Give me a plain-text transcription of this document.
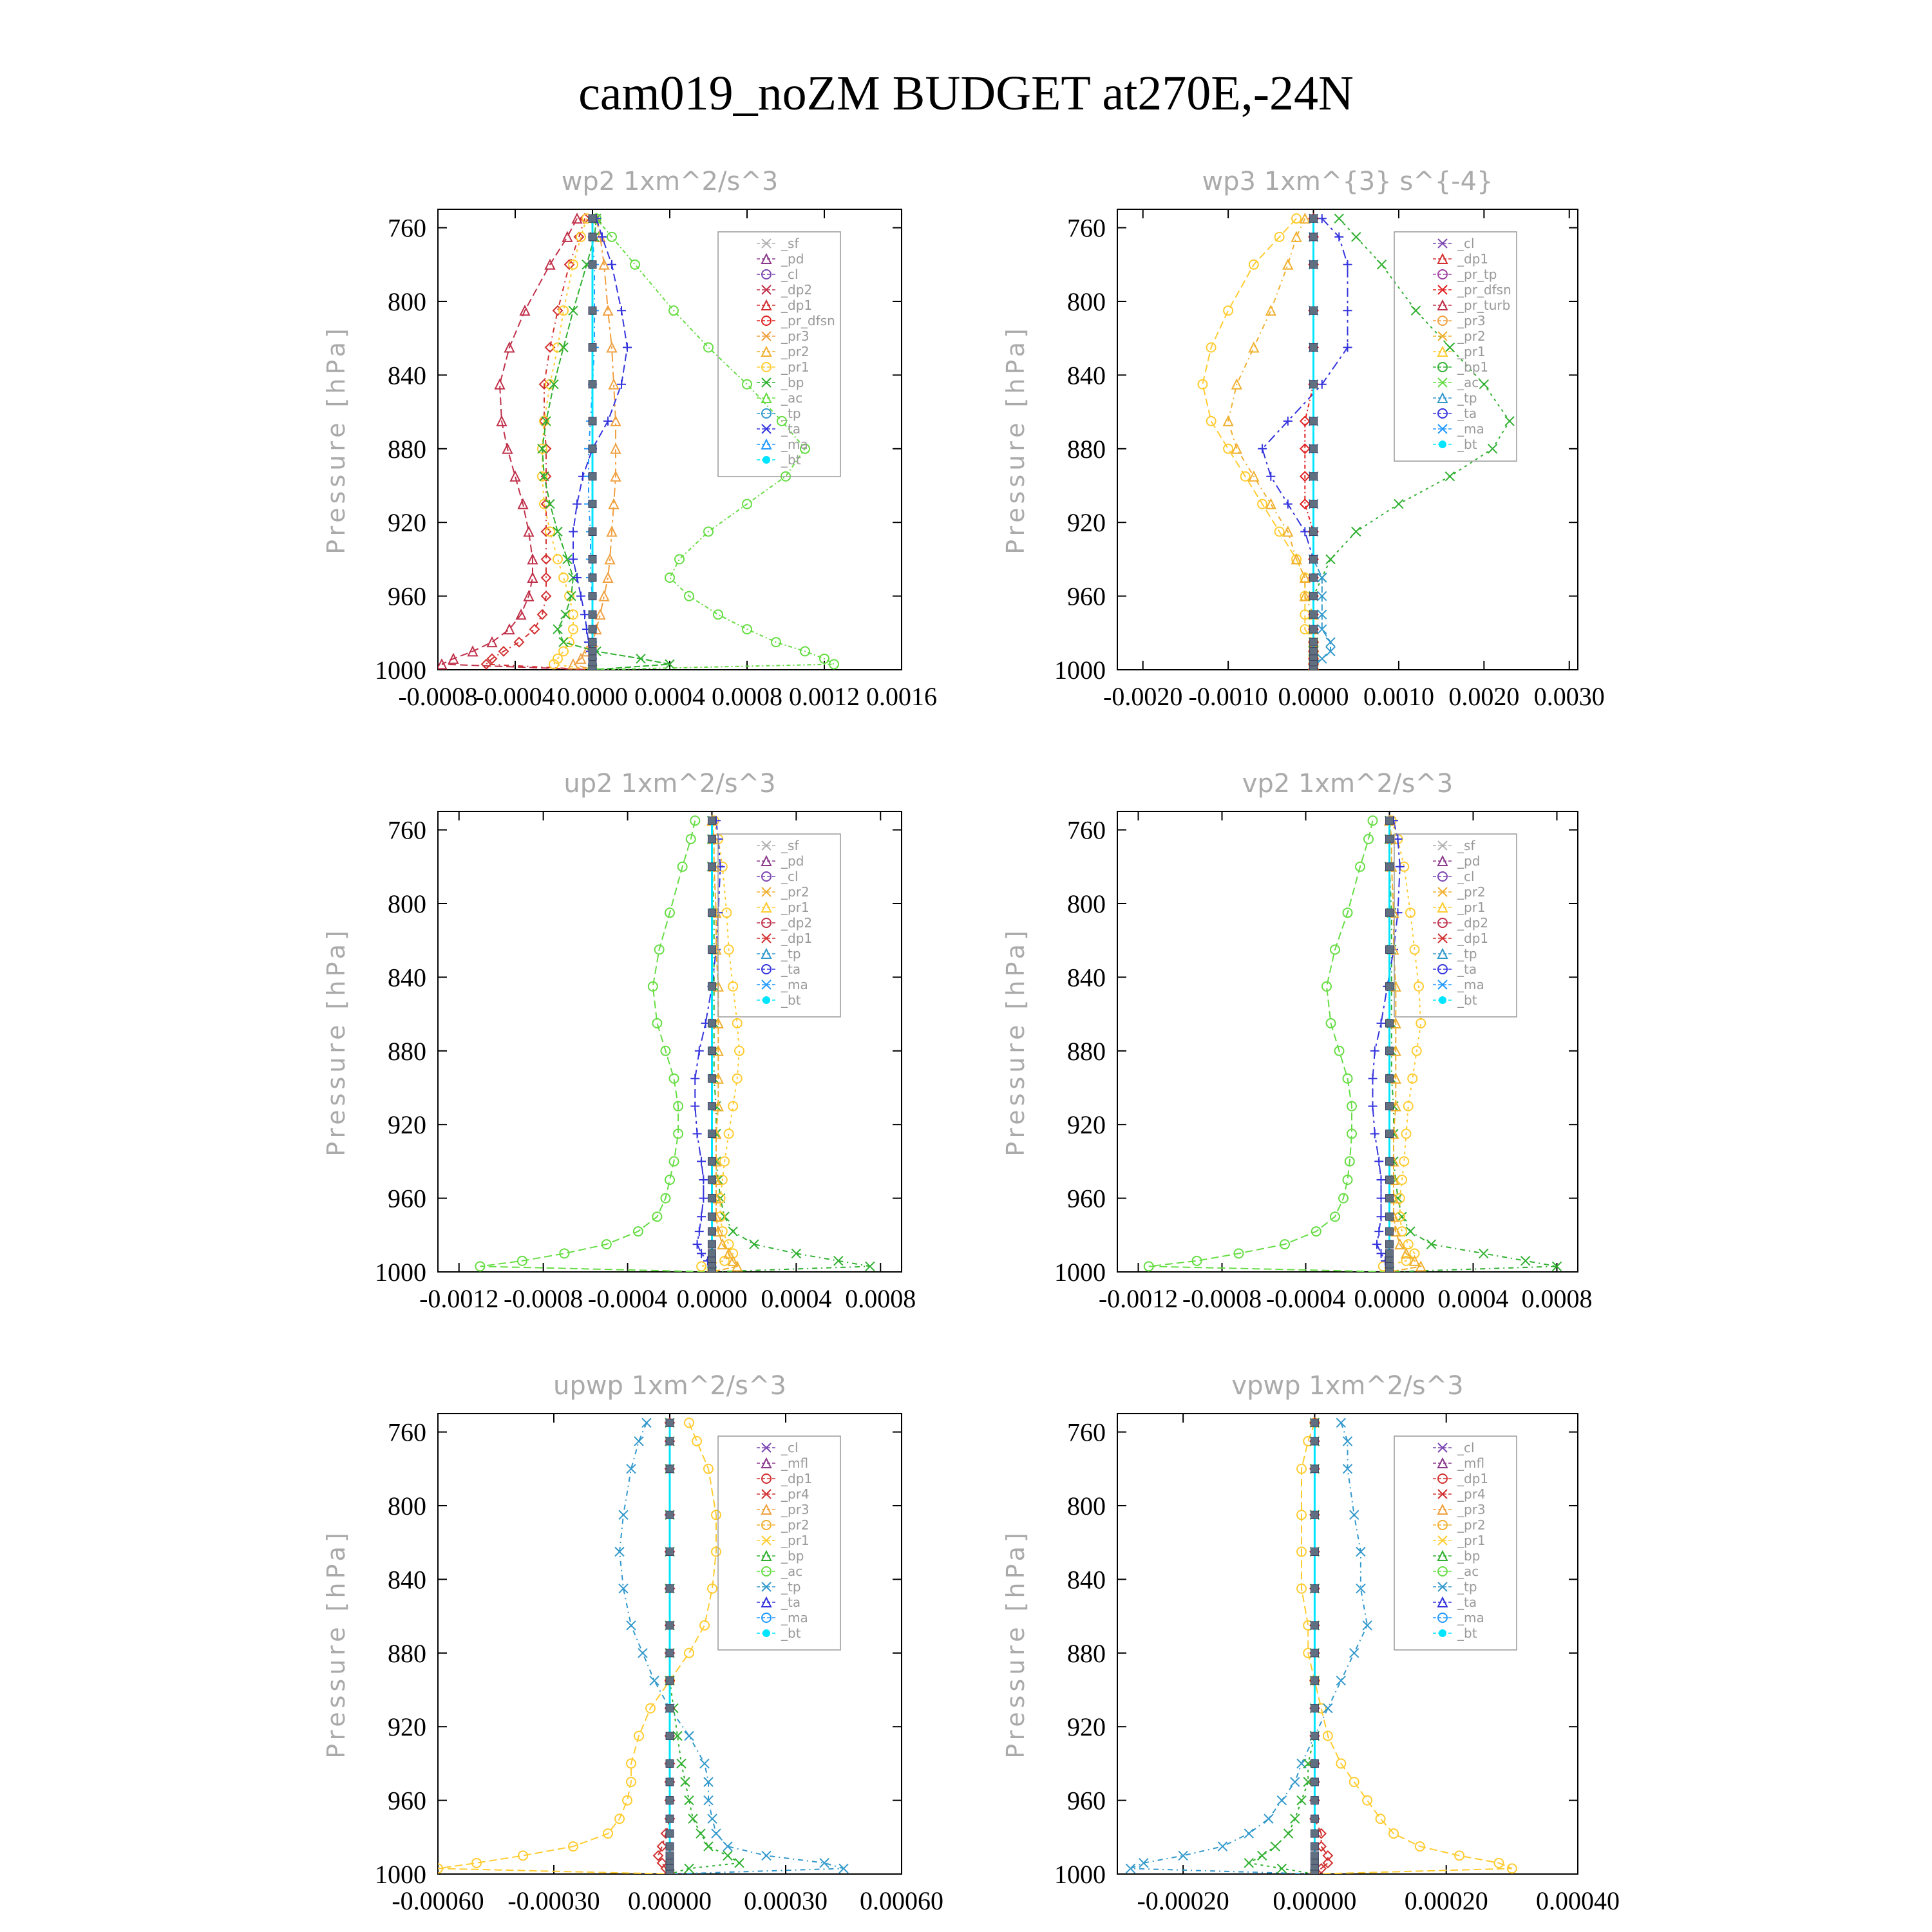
cam019_noZM BUDGET at270E,-24N
wp2 1xm^2/s^3
Pressure [hPa]
760
800
840
880
920
960
1000
-0.0008
-0.0004 0.0000 0.0004 0.0008 0.0012 0.0016
_sf
_pd
_cl
_dp2
_dp1
_pr_dfsn
_pr3
_pr2
_pr1
_bp
_ac
_tp
_ta
_ma
_bt
wp3 1xm^{3} s^{-4}
Pressure [hPa]
760
800
840
880
920
960
1000
-0.0020 -0.0010 0.0000 0.0010 0.0020 0.0030
_cl
_dp1
_pr_tp
_pr_dfsn
_pr_turb
_pr3
_pr2
_pr1
_bp1
_ac
_tp
_ta
_ma
_bt
up2 1xm^2/s^3
Pressure [hPa]
760
800
840
880
920
960
1000
-0.0012 -0.0008 -0.0004 0.0000 0.0004 0.0008
_sf
_pd
_cl
_pr2
_pr1
_dp2
_dp1
_tp
_ta
_ma
_bt
vp2 1xm^2/s^3
Pressure [hPa]
760
800
840
880
920
960
1000
-0.0012 -0.0008 -0.0004 0.0000 0.0004 0.0008
_sf
_pd
_cl
_pr2
_pr1
_dp2
_dp1
_tp
_ta
_ma
_bt
upwp 1xm^2/s^3
Pressure [hPa]
760
800
840
880
920
960
1000
-0.00060 -0.00030 0.00000 0.00030 0.00060
_cl
_mfl
_dp1
_pr4
_pr3
_pr2
_pr1
_bp
_ac
_tp
_ta
_ma
_bt
vpwp 1xm^2/s^3
Pressure [hPa]
760
800
840
880
920
960
1000
-0.00020 0.00000 0.00020 0.00040
_cl
_mfl
_dp1
_pr4
_pr3
_pr2
_pr1
_bp
_ac
_tp
_ta
_ma
_bt
